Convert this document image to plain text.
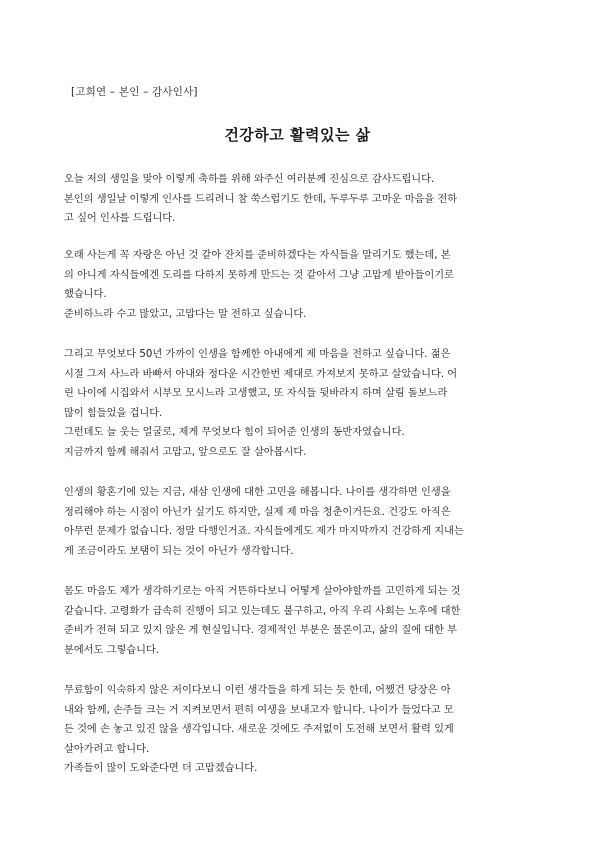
[고희연 – 본인 – 감사인사]
건강하고 활력있는 삶
오늘 저의 생일을 맞아 이렇게 축하를 위해 와주신 여러분께 진심으로 감사드립니다.
본인의 생일날 이렇게 인사를 드리려니 참 쑥스럽기도 한데, 두루두루 고마운 마음을 전하
고 싶어 인사를 드립니다.
오래 사는게 꼭 자랑은 아닌 것 같아 잔치를 준비하겠다는 자식들을 말리기도 했는데, 본
의 아니게 자식들에겐 도리를 다하지 못하게 만드는 것 같아서 그냥 고맙게 받아들이기로
했습니다.
준비하느라 수고 많았고, 고맙다는 말 전하고 싶습니다.
그리고 무엇보다 50년 가까이 인생을 함께한 아내에게 제 마음을 전하고 싶습니다. 젊은
시절 그저 사느라 바빠서 아내와 정다운 시간한번 제대로 가져보지 못하고 살았습니다. 어
린 나이에 시집와서 시부모 모시느라 고생했고, 또 자식들 뒷바라지 하며 살림 돌보느라
많이 힘들었을 겁니다.
그런데도 늘 웃는 얼굴로, 제게 무엇보다 힘이 되어준 인생의 동반자였습니다.
지금까지 함께 해줘서 고맙고, 앞으로도 잘 살아봅시다.
인생의 황혼기에 있는 지금, 새삼 인생에 대한 고민을 해봅니다. 나이를 생각하면 인생을
정리해야 하는 시점이 아닌가 싶기도 하지만, 실제 제 마음 청춘이거든요. 건강도 아직은
아무런 문제가 없습니다. 정말 다행인거죠. 자식들에게도 제가 마지막까지 건강하게 지내는
게 조금이라도 보탬이 되는 것이 아닌가 생각합니다.
몸도 마음도 제가 생각하기로는 아직 거뜬하다보니 어떻게 살아야할까를 고민하게 되는 것
같습니다. 고령화가 급속히 진행이 되고 있는데도 불구하고, 아직 우리 사회는 노후에 대한
준비가 전혀 되고 있지 않은 게 현실입니다. 경제적인 부분은 물론이고, 삶의 질에 대한 부
분에서도 그렇습니다.
무료함이 익숙하지 않은 저이다보니 이런 생각들을 하게 되는 듯 한데, 어쨌건 당장은 아
내와 함께, 손주들 크는 거 지켜보면서 편히 여생을 보내고자 합니다. 나이가 들었다고 모
든 것에 손 놓고 있진 않을 생각입니다. 새로운 것에도 주저없이 도전해 보면서 활력 있게
살아가려고 합니다.
가족들이 많이 도와준다면 더 고맙겠습니다.
